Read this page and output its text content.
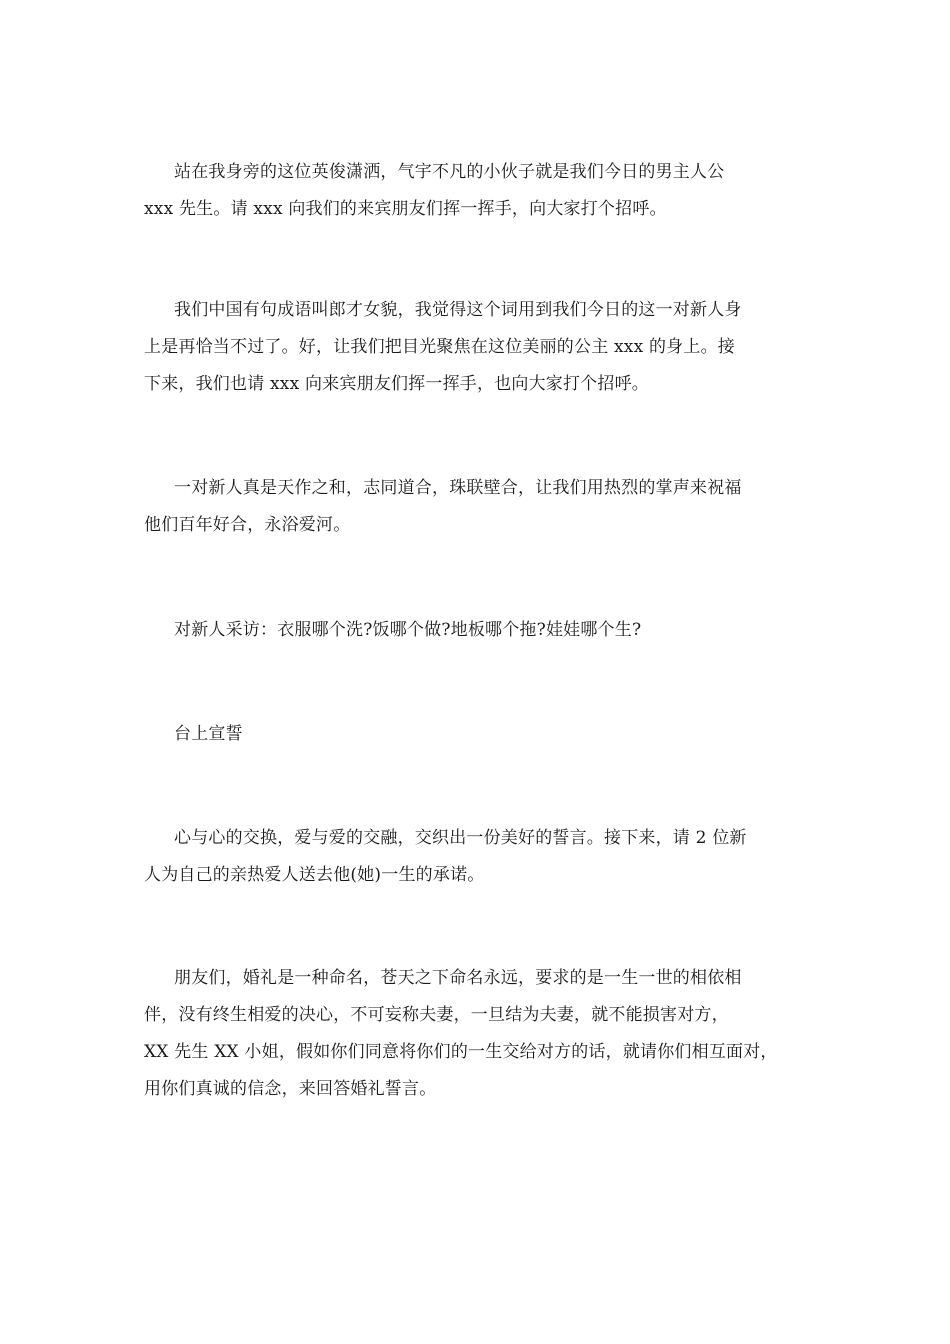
站在我身旁的这位英俊潇洒，气宇不凡的小伙子就是我们今日的男主人公
xxx 先生。请 xxx 向我们的来宾朋友们挥一挥手，向大家打个招呼。

我们中国有句成语叫郎才女貌，我觉得这个词用到我们今日的这一对新人身
上是再恰当不过了。好，让我们把目光聚焦在这位美丽的公主 xxx 的身上。接
下来，我们也请 xxx 向来宾朋友们挥一挥手，也向大家打个招呼。

一对新人真是天作之和，志同道合，珠联壁合，让我们用热烈的掌声来祝福
他们百年好合，永浴爱河。

对新人采访：衣服哪个洗?饭哪个做?地板哪个拖?娃娃哪个生?

台上宣誓

心与心的交换，爱与爱的交融，交织出一份美好的誓言。接下来，请 2 位新
人为自己的亲热爱人送去他(她)一生的承诺。

朋友们，婚礼是一种命名，苍天之下命名永远，要求的是一生一世的相依相
伴，没有终生相爱的决心，不可妄称夫妻，一旦结为夫妻，就不能损害对方，
XX 先生 XX 小姐，假如你们同意将你们的一生交给对方的话，就请你们相互面对，
用你们真诚的信念，来回答婚礼誓言。
